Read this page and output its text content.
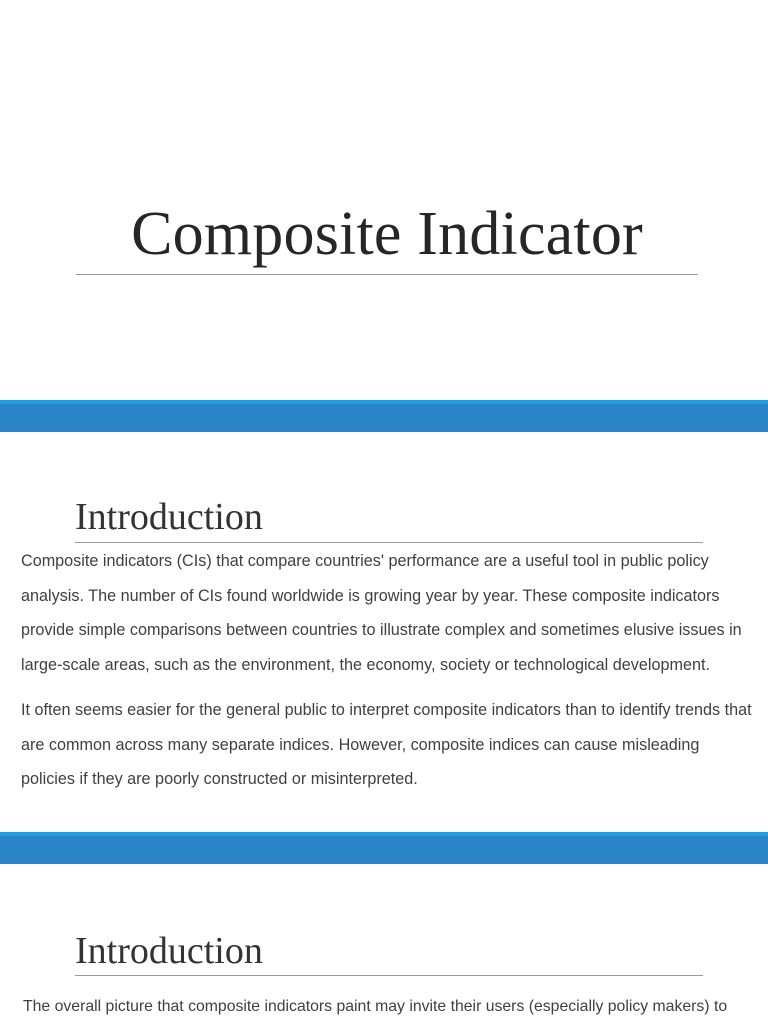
Composite Indicator
Introduction

Composite indicators (CIs) that compare countries' performance are a useful tool in public policy analysis. The number of CIs found worldwide is growing year by year. These composite indicators provide simple comparisons between countries to illustrate complex and sometimes elusive issues in large-scale areas, such as the environment, the economy, society or technological development.

It often seems easier for the general public to interpret composite indicators than to identify trends that are common across many separate indices. However, composite indices can cause misleading policies if they are poorly constructed or misinterpreted.

Introduction

The overall picture that composite indicators paint may invite their users (especially policy makers) to
